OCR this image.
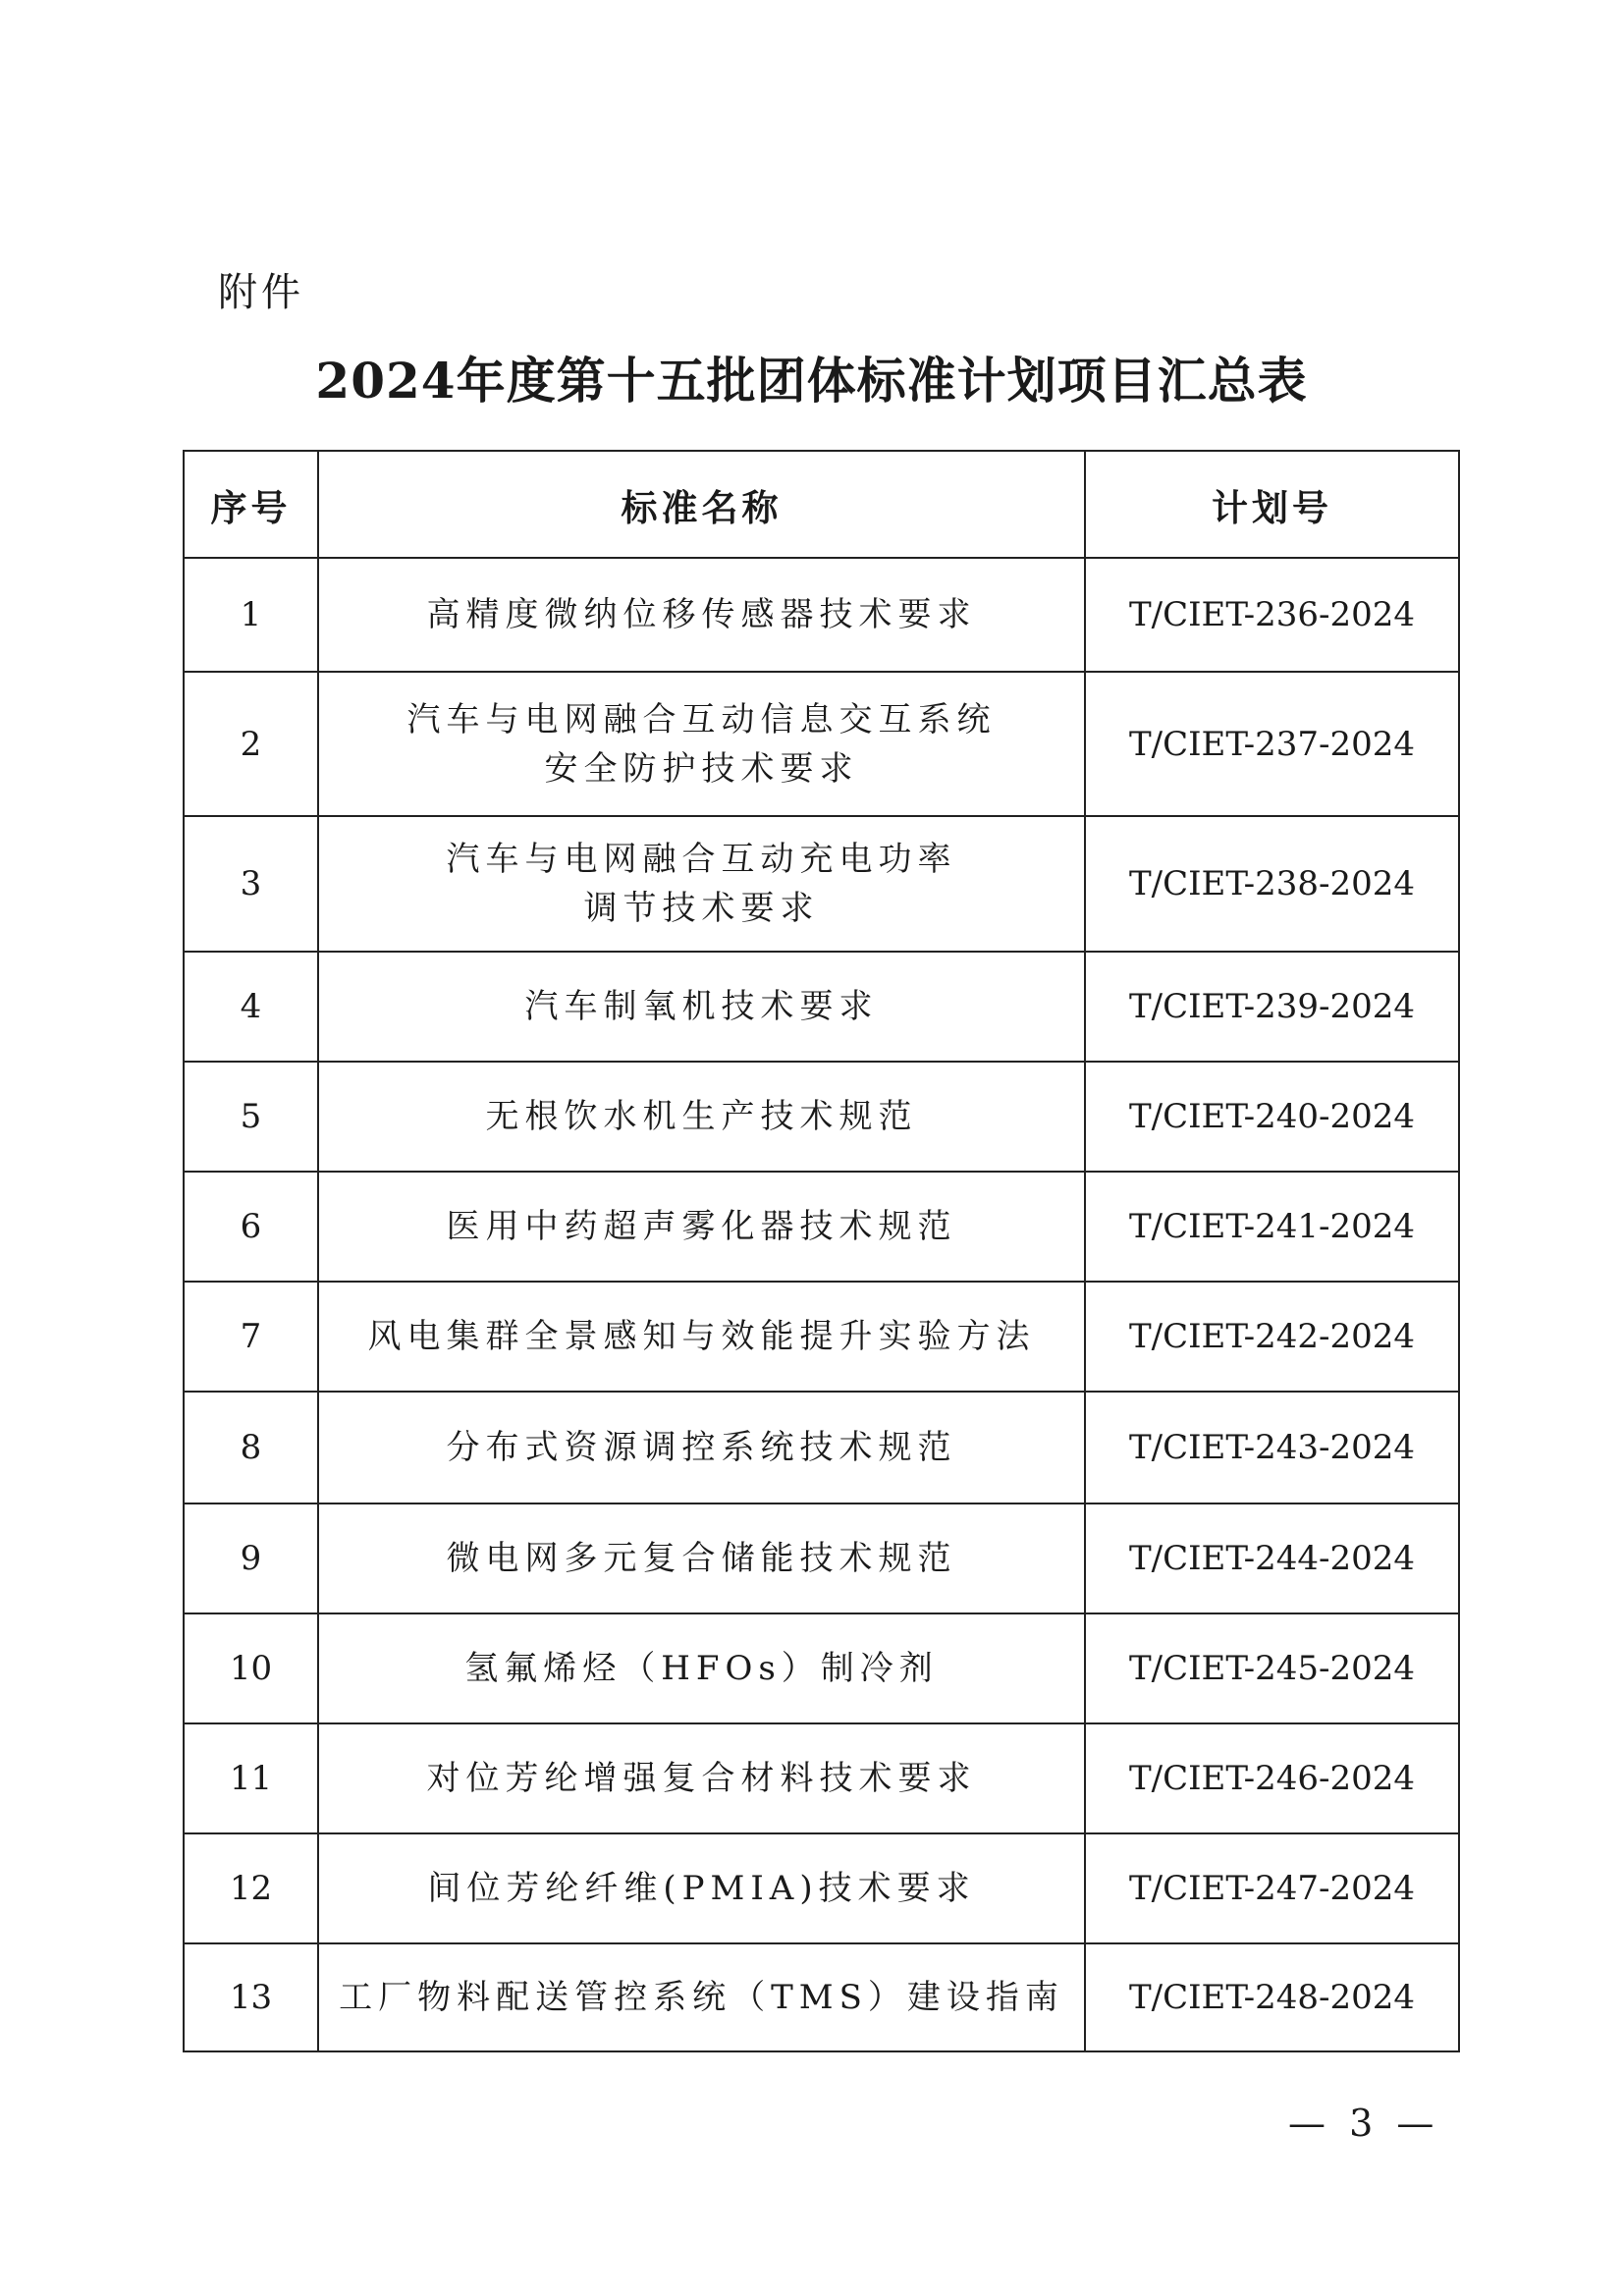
附件
2024年度第十五批团体标准计划项目汇总表
序号	标准名称	计划号
1	高精度微纳位移传感器技术要求	T/CIET-236-2024
2	汽车与电网融合互动信息交互系统
安全防护技术要求	T/CIET-237-2024
3	汽车与电网融合互动充电功率
调节技术要求	T/CIET-238-2024
4	汽车制氧机技术要求	T/CIET-239-2024
5	无根饮水机生产技术规范	T/CIET-240-2024
6	医用中药超声雾化器技术规范	T/CIET-241-2024
7	风电集群全景感知与效能提升实验方法	T/CIET-242-2024
8	分布式资源调控系统技术规范	T/CIET-243-2024
9	微电网多元复合储能技术规范	T/CIET-244-2024
10	氢氟烯烃（HFOs）制冷剂	T/CIET-245-2024
11	对位芳纶增强复合材料技术要求	T/CIET-246-2024
12	间位芳纶纤维(PMIA)技术要求	T/CIET-247-2024
13	工厂物料配送管控系统（TMS）建设指南	T/CIET-248-2024
— 3 —
